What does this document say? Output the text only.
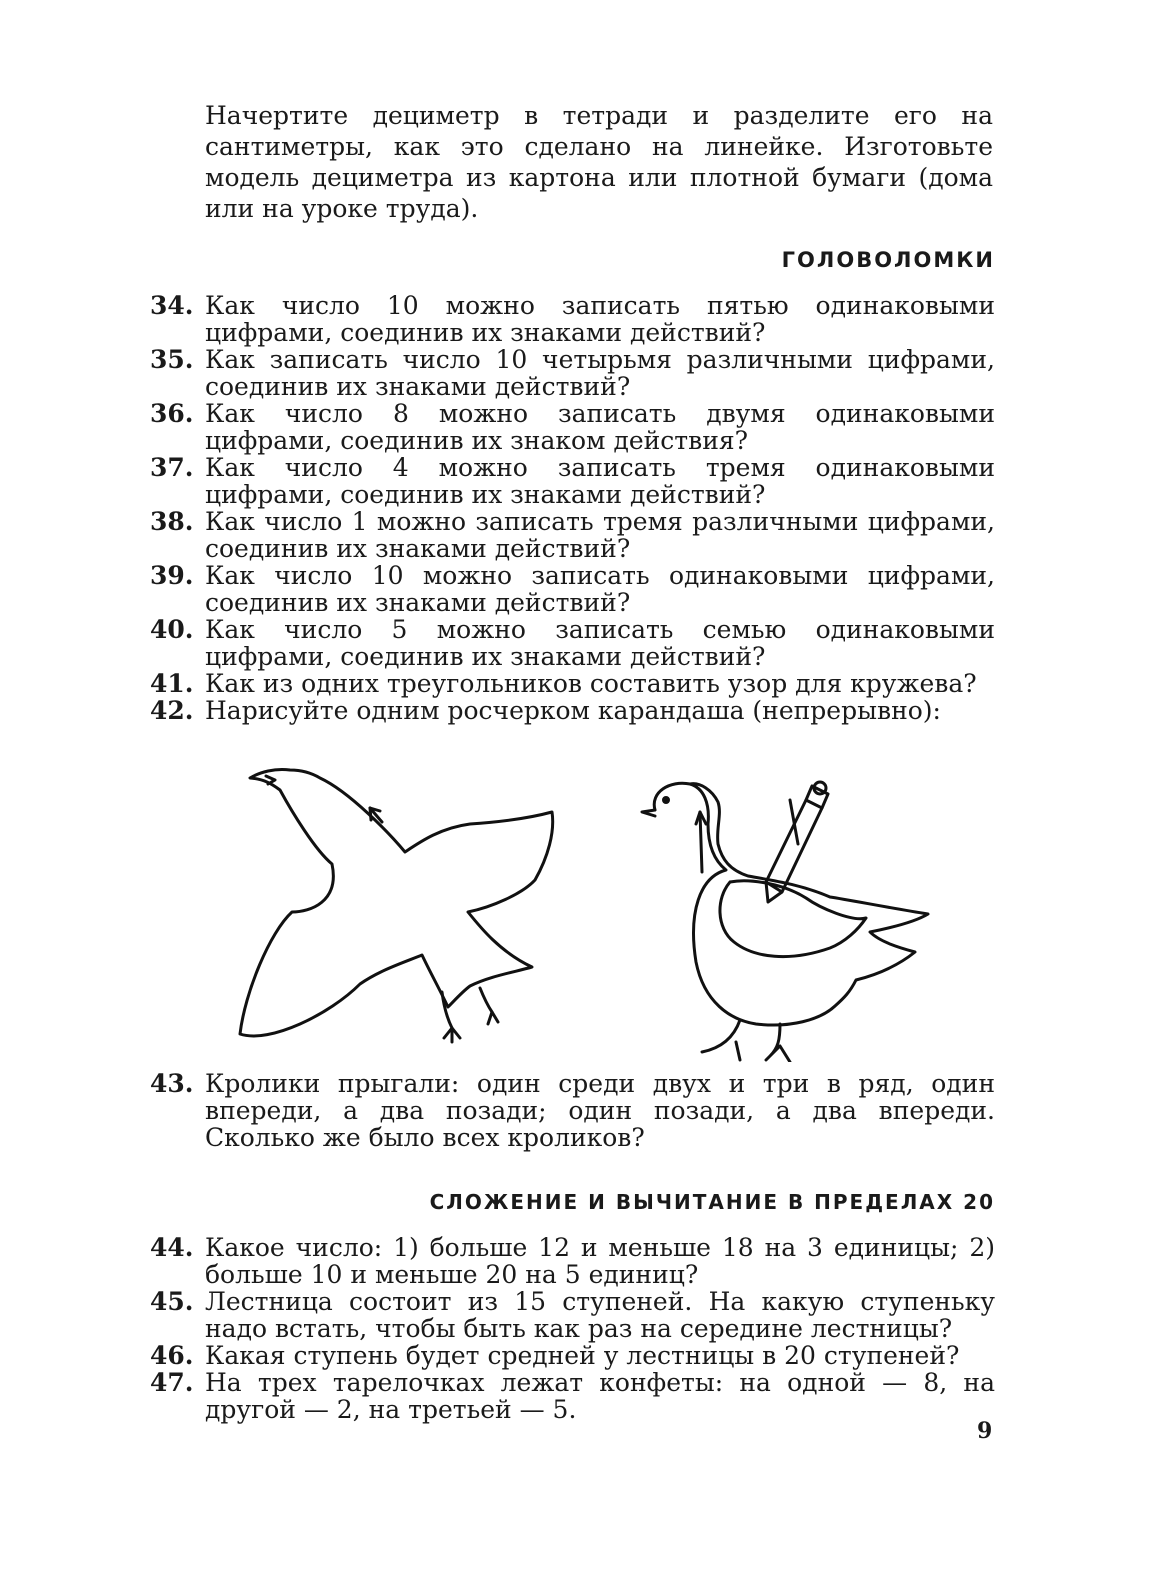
Начертите дециметр в тетради и разделите его на сантиметры, как это сделано на линейке. Изготовьте модель дециметра из картона или плотной бумаги (дома или на уроке труда).

ГОЛОВОЛОМКИ
34. Как число 10 можно записать пятью одинаковыми цифрами, соединив их знаками действий?
35. Как записать число 10 четырьмя различными цифрами, соединив их знаками действий?
36. Как число 8 можно записать двумя одинаковыми цифрами, соединив их знаком действия?
37. Как число 4 можно записать тремя одинаковыми цифрами, соединив их знаками действий?
38. Как число 1 можно записать тремя различными цифрами, соединив их знаками действий?
39. Как число 10 можно записать одинаковыми цифрами, соединив их знаками действий?
40. Как число 5 можно записать семью одинаковыми цифрами, соединив их знаками действий?
41. Как из одних треугольников составить узор для кружева?
42. Нарисуйте одним росчерком карандаша (непрерывно):
43. Кролики прыгали: один среди двух и три в ряд, один впереди, а два позади; один позади, а два впереди. Сколько же было всех кроликов?
СЛОЖЕНИЕ И ВЫЧИТАНИЕ В ПРЕДЕЛАХ 20
44. Какое число: 1) больше 12 и меньше 18 на 3 единицы; 2) больше 10 и меньше 20 на 5 единиц?
45. Лестница состоит из 15 ступеней. На какую ступеньку надо встать, чтобы быть как раз на середине лестницы?
46. Какая ступень будет средней у лестницы в 20 ступеней?
47. На трех тарелочках лежат конфеты: на одной — 8, на другой — 2, на третьей — 5.

9
